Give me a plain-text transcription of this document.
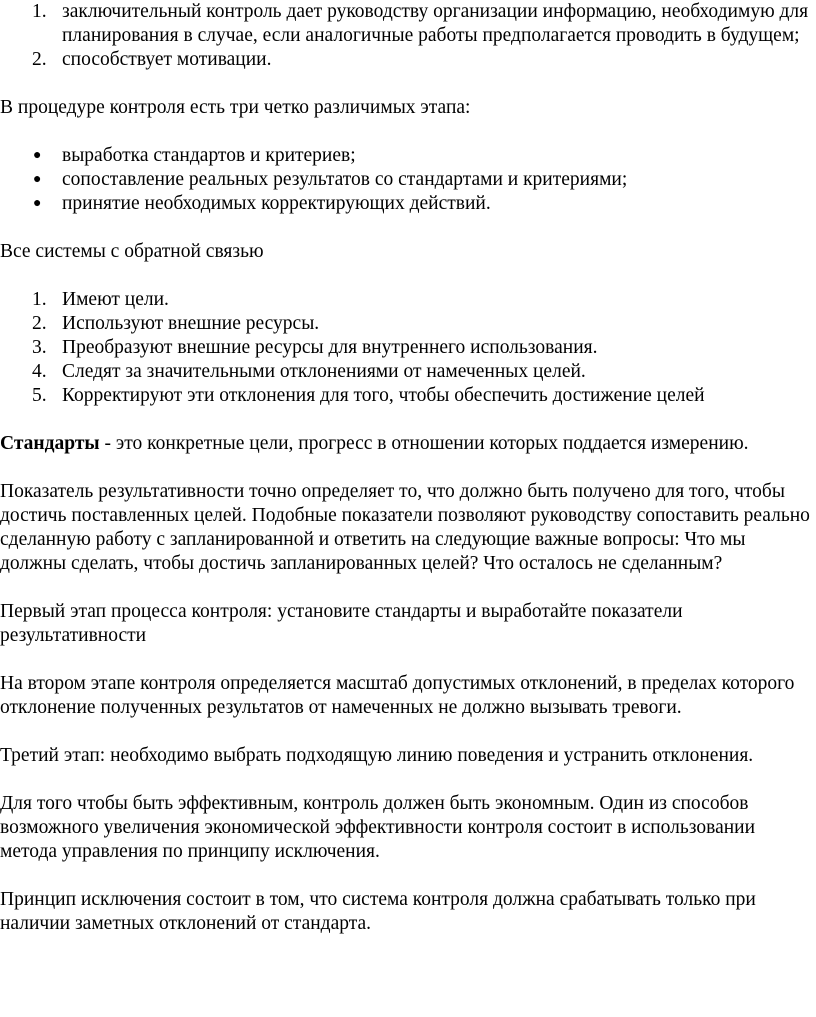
1. заключительный контроль дает руководству организации информацию, необходимую для планирования в случае, если аналогичные работы предполагается проводить в будущем;
2. способствует мотивации.

В процедуре контроля есть три четко различимых этапа:

● выработка стандартов и критериев;
● сопоставление реальных результатов со стандартами и критериями;
● принятие необходимых корректирующих действий.

Все системы с обратной связью

1. Имеют цели.
2. Используют внешние ресурсы.
3. Преобразуют внешние ресурсы для внутреннего использования.
4. Следят за значительными отклонениями от намеченных целей.
5. Корректируют эти отклонения для того, чтобы обеспечить достижение целей

Стандарты - это конкретные цели, прогресс в отношении которых поддается измерению.

Показатель результативности точно определяет то, что должно быть получено для того, чтобы достичь поставленных целей. Подобные показатели позволяют руководству сопоставить реально сделанную работу с запланированной и ответить на следующие важные вопросы: Что мы должны сделать, чтобы достичь запланированных целей? Что осталось не сделанным?

Первый этап процесса контроля: установите стандарты и выработайте показатели результативности

На втором этапе контроля определяется масштаб допустимых отклонений, в пределах которого отклонение полученных результатов от намеченных не должно вызывать тревоги.

Третий этап: необходимо выбрать подходящую линию поведения и устранить отклонения.

Для того чтобы быть эффективным, контроль должен быть экономным. Один из способов возможного увеличения экономической эффективности контроля состоит в использовании метода управления по принципу исключения.

Принцип исключения состоит в том, что система контроля должна срабатывать только при наличии заметных отклонений от стандарта.
